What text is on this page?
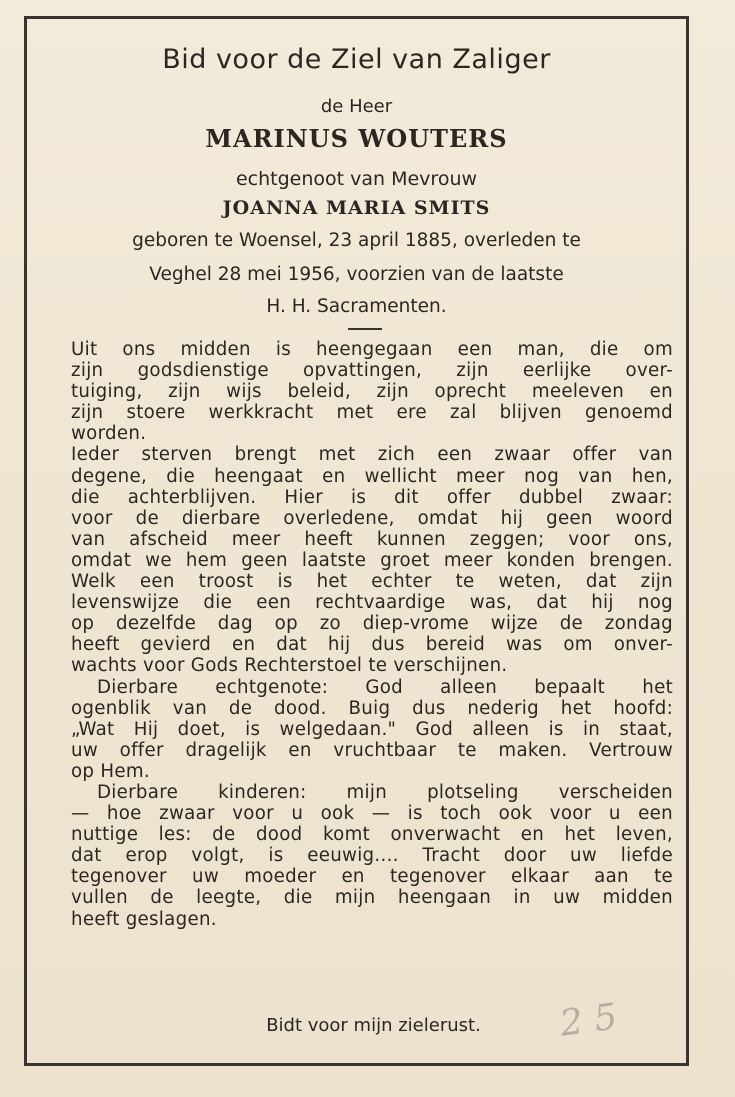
Bid voor de Ziel van Zaliger
de Heer
MARINUS WOUTERS
echtgenoot van Mevrouw
JOANNA MARIA SMITS
geboren te Woensel, 23 april 1885, overleden te
Veghel 28 mei 1956, voorzien van de laatste
H. H. Sacramenten.
Uit ons midden is heengegaan een man, die om
zijn godsdienstige opvattingen, zijn eerlijke over-
tuiging, zijn wijs beleid, zijn oprecht meeleven en
zijn stoere werkkracht met ere zal blijven genoemd
worden.
Ieder sterven brengt met zich een zwaar offer van
degene, die heengaat en wellicht meer nog van hen,
die achterblijven. Hier is dit offer dubbel zwaar:
voor de dierbare overledene, omdat hij geen woord
van afscheid meer heeft kunnen zeggen; voor ons,
omdat we hem geen laatste groet meer konden brengen.
Welk een troost is het echter te weten, dat zijn
levenswijze die een rechtvaardige was, dat hij nog
op dezelfde dag op zo diep-vrome wijze de zondag
heeft gevierd en dat hij dus bereid was om onver-
wachts voor Gods Rechterstoel te verschijnen.
Dierbare echtgenote: God alleen bepaalt het
ogenblik van de dood. Buig dus nederig het hoofd:
„Wat Hij doet, is welgedaan." God alleen is in staat,
uw offer dragelijk en vruchtbaar te maken. Vertrouw
op Hem.
Dierbare kinderen: mijn plotseling verscheiden
— hoe zwaar voor u ook — is toch ook voor u een
nuttige les: de dood komt onverwacht en het leven,
dat erop volgt, is eeuwig.... Tracht door uw liefde
tegenover uw moeder en tegenover elkaar aan te
vullen de leegte, die mijn heengaan in uw midden
heeft geslagen.
Bidt voor mijn zielerust.	2 5
